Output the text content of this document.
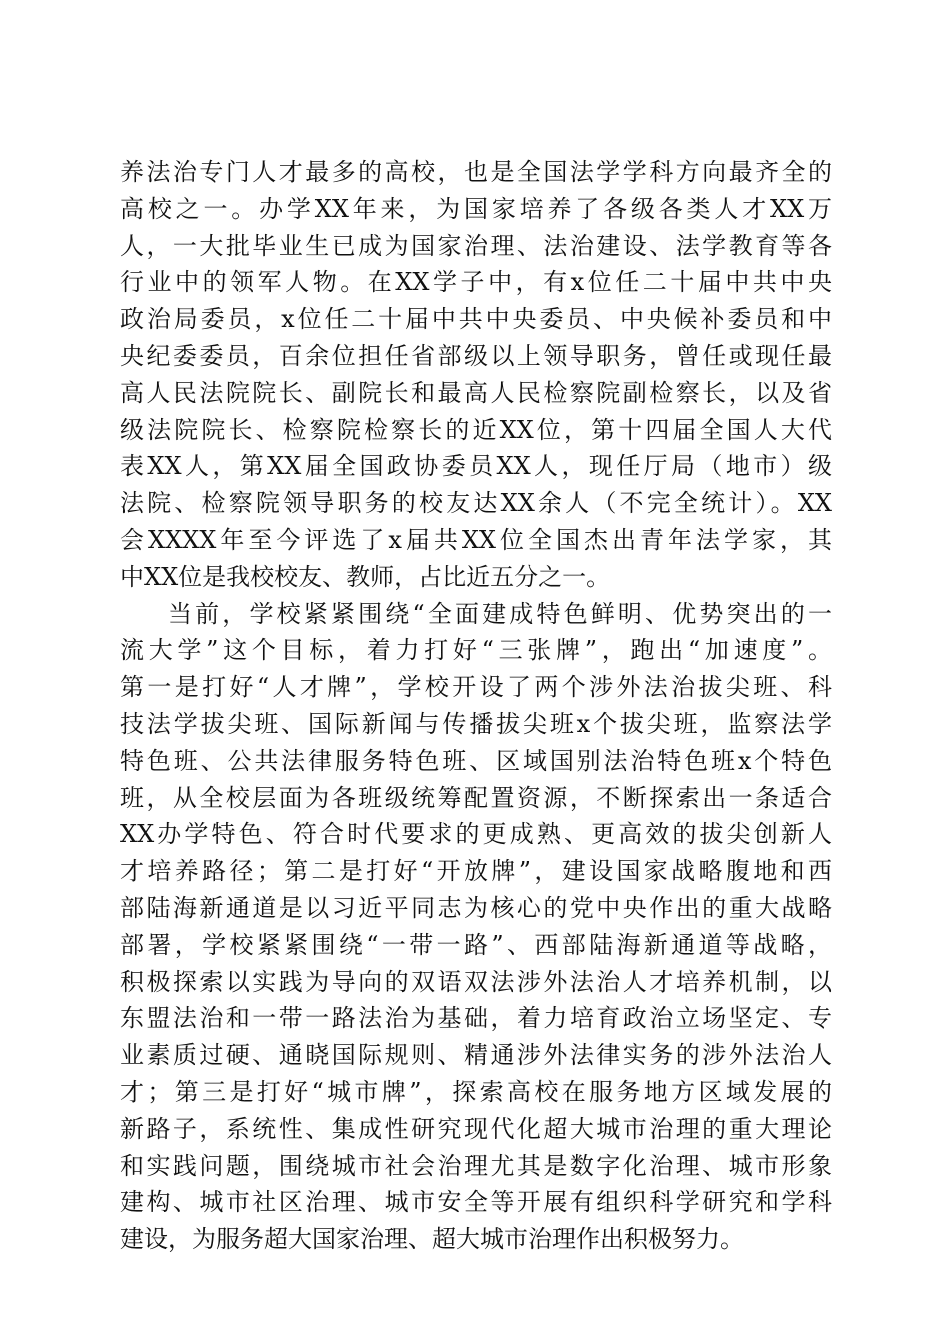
养法治专门人才最多的高校，也是全国法学学科方向最齐全的
高校之一。办学XX年来，为国家培养了各级各类人才XX万
人，一大批毕业生已成为国家治理、法治建设、法学教育等各
行业中的领军人物。在XX学子中，有x位任二十届中共中央
政治局委员，x位任二十届中共中央委员、中央候补委员和中
央纪委委员，百余位担任省部级以上领导职务，曾任或现任最
高人民法院院长、副院长和最高人民检察院副检察长，以及省
级法院院长、检察院检察长的近XX位，第十四届全国人大代
表XX人，第XX届全国政协委员XX人，现任厅局（地市）级
法院、检察院领导职务的校友达XX余人（不完全统计）。XX
会XXXX年至今评选了x届共XX位全国杰出青年法学家，其
中XX位是我校校友、教师，占比近五分之一。
当前，学校紧紧围绕“全面建成特色鲜明、优势突出的一
流大学”这个目标，着力打好“三张牌”，跑出“加速度”。
第一是打好“人才牌”，学校开设了两个涉外法治拔尖班、科
技法学拔尖班、国际新闻与传播拔尖班x个拔尖班，监察法学
特色班、公共法律服务特色班、区域国别法治特色班x个特色
班，从全校层面为各班级统筹配置资源，不断探索出一条适合
XX办学特色、符合时代要求的更成熟、更高效的拔尖创新人
才培养路径；第二是打好“开放牌”，建设国家战略腹地和西
部陆海新通道是以习近平同志为核心的党中央作出的重大战略
部署，学校紧紧围绕“一带一路”、西部陆海新通道等战略，
积极探索以实践为导向的双语双法涉外法治人才培养机制，以
东盟法治和一带一路法治为基础，着力培育政治立场坚定、专
业素质过硬、通晓国际规则、精通涉外法律实务的涉外法治人
才；第三是打好“城市牌”，探索高校在服务地方区域发展的
新路子，系统性、集成性研究现代化超大城市治理的重大理论
和实践问题，围绕城市社会治理尤其是数字化治理、城市形象
建构、城市社区治理、城市安全等开展有组织科学研究和学科
建设，为服务超大国家治理、超大城市治理作出积极努力。
